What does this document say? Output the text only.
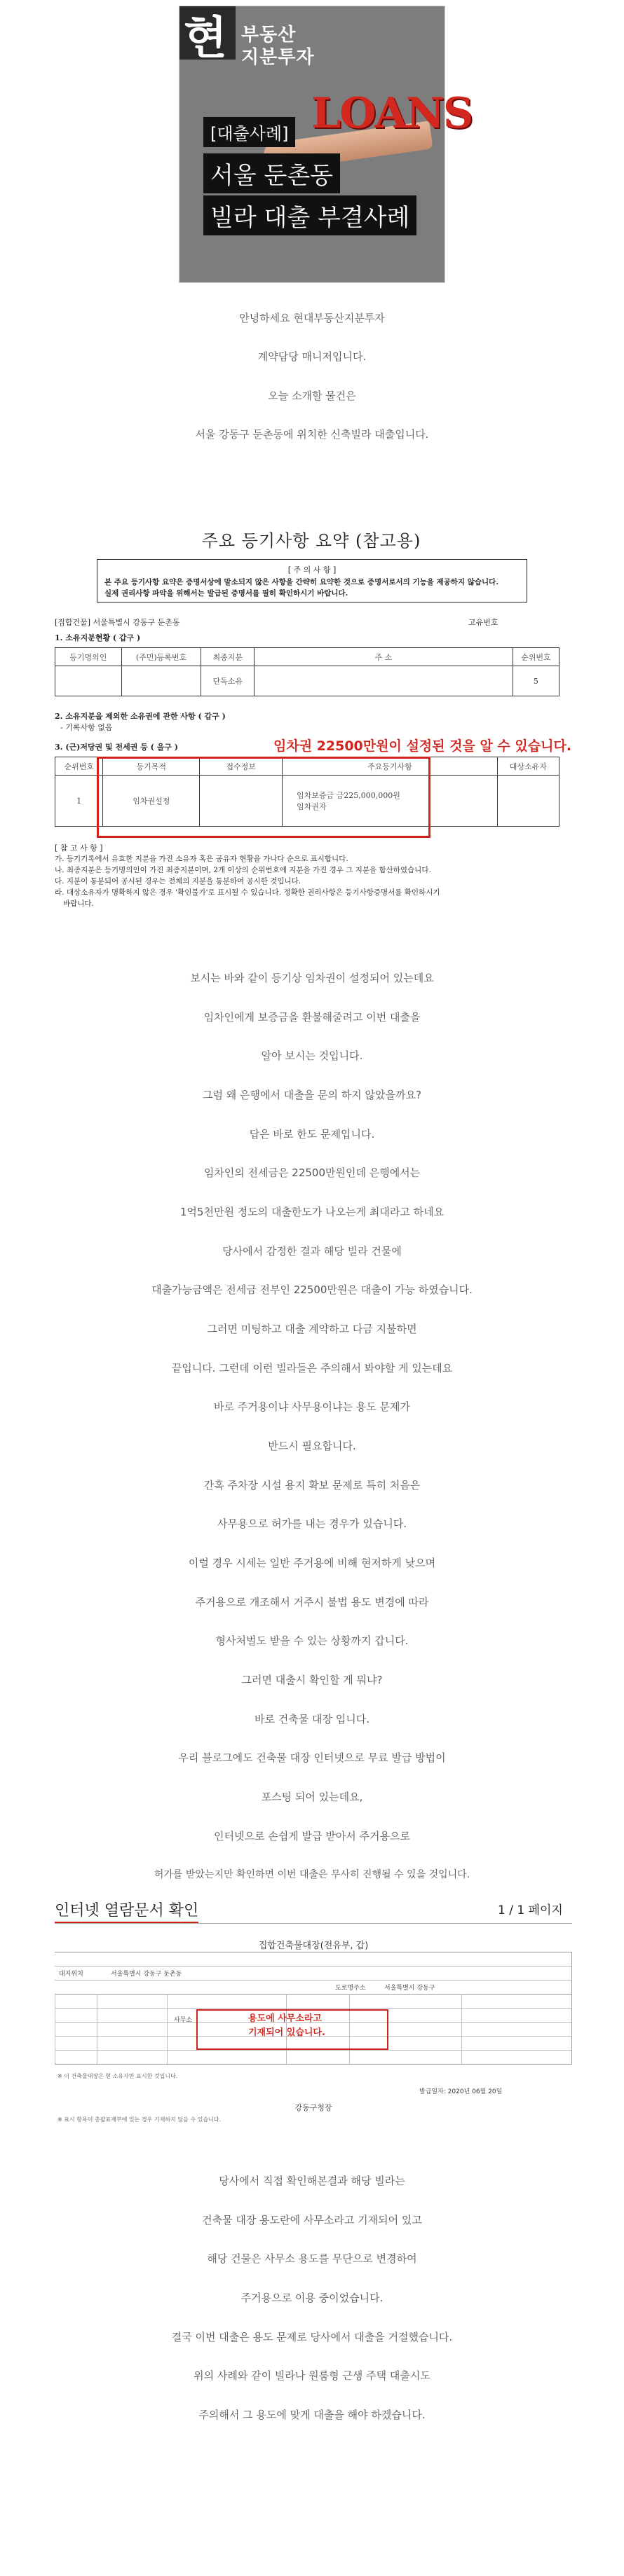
현 부동산
지분투자
LOANS
[대출사례]
서울 둔촌동
빌라 대출 부결사례
안녕하세요 현대부동산지분투자
계약담당 매니저입니다.
오늘 소개할 물건은
서울 강동구 둔촌동에 위치한 신축빌라 대출입니다.
주요 등기사항 요약 (참고용)
[ 주 의 사 항 ]
본 주요 등기사항 요약은 증명서상에 말소되지 않은 사항을 간략히 요약한 것으로 증명서로서의 기능을 제공하지 않습니다.
실제 권리사항 파악을 위해서는 발급된 증명서를 필히 확인하시기 바랍니다.
[집합건물] 서울특별시 강동구 둔촌동	고유번호
1. 소유지분현황 ( 갑구 )
등기명의인	(주민)등록번호	최종지분	주 소	순위번호
		단독소유		5
2. 소유지분을 제외한 소유권에 관한 사항 ( 갑구 )
- 기록사항 없음
3. (근)저당권 및 전세권 등 ( 을구 )	임차권 22500만원이 설정된 것을 알 수 있습니다.
순위번호	등기목적	접수정보	주요등기사항	대상소유자
1	임차권설정		임차보증금 금225,000,000원
임차권자	

[ 참 고 사 항 ]
가. 등기기록에서 유효한 지분을 가진 소유자 혹은 공유자 현황을 가나다 순으로 표시합니다.
나. 최종지분은 등기명의인이 가진 최종지분이며, 2개 이상의 순위번호에 지분을 가진 경우 그 지분을 합산하였습니다.
다. 지분이 통분되어 공시된 경우는 전체의 지분을 통분하여 공시한 것입니다.
라. 대상소유자가 명확하지 않은 경우 '확인불가'로 표시될 수 있습니다. 정확한 권리사항은 등기사항증명서를 확인하시기
바랍니다.
보시는 바와 같이 등기상 임차권이 설정되어 있는데요
임차인에게 보증금을 환불해줄려고 이번 대출을
알아 보시는 것입니다.
그럼 왜 은행에서 대출을 문의 하지 않았을까요?
답은 바로 한도 문제입니다.
임차인의 전세금은 22500만원인데 은행에서는
1억5천만원 정도의 대출한도가 나오는게 최대라고 하네요
당사에서 감정한 결과 해당 빌라 건물에
대출가능금액은 전세금 전부인 22500만원은 대출이 가능 하였습니다.
그러면 미팅하고 대출 계약하고 다금 지불하면
끝입니다. 그런데 이런 빌라들은 주의해서 봐야할 게 있는데요
바로 주거용이냐 사무용이냐는 용도 문제가
반드시 필요합니다.
간혹 주차장 시설 용지 확보 문제로 특히 처음은
사무용으로 허가를 내는 경우가 있습니다.
이럴 경우 시세는 일반 주거용에 비해 현저하게 낮으며
주거용으로 개조해서 거주시 불법 용도 변경에 따라
형사처벌도 받을 수 있는 상황까지 갑니다.
그러면 대출시 확인할 게 뭐냐?
바로 건축물 대장 입니다.
우리 블로그에도 건축물 대장 인터넷으로 무료 발급 방법이
포스팅 되어 있는데요,
인터넷으로 손쉽게 발급 받아서 주거용으로
허가를 받았는지만 확인하면 이번 대출은 무사히 진행될 수 있을 것입니다.
인터넷 열람문서 확인	1 / 1 페이지
집합건축물대장(전유부, 갑)
대지위치	서울특별시 강동구 둔촌동
도로명주소	서울특별시 강동구
사무소
※ 이 건축물대장은 현 소유자만 표시한 것입니다.
발급일자: 2020년 06월 20일
강동구청장
※ 표시 항목이 총괄표제부에 있는 경우 기재하지 않을 수 있습니다.
용도에 사무소라고
기재되어 있습니다.
당사에서 직접 확인해본결과 해당 빌라는
건축물 대장 용도란에 사무소라고 기재되어 있고
해당 건물은 사무소 용도를 무단으로 변경하여
주거용으로 이용 중이었습니다.
결국 이번 대출은 용도 문제로 당사에서 대출을 거절했습니다.
위의 사례와 같이 빌라나 원룸형 근생 주택 대출시도
주의해서 그 용도에 맞게 대출을 해야 하겠습니다.
